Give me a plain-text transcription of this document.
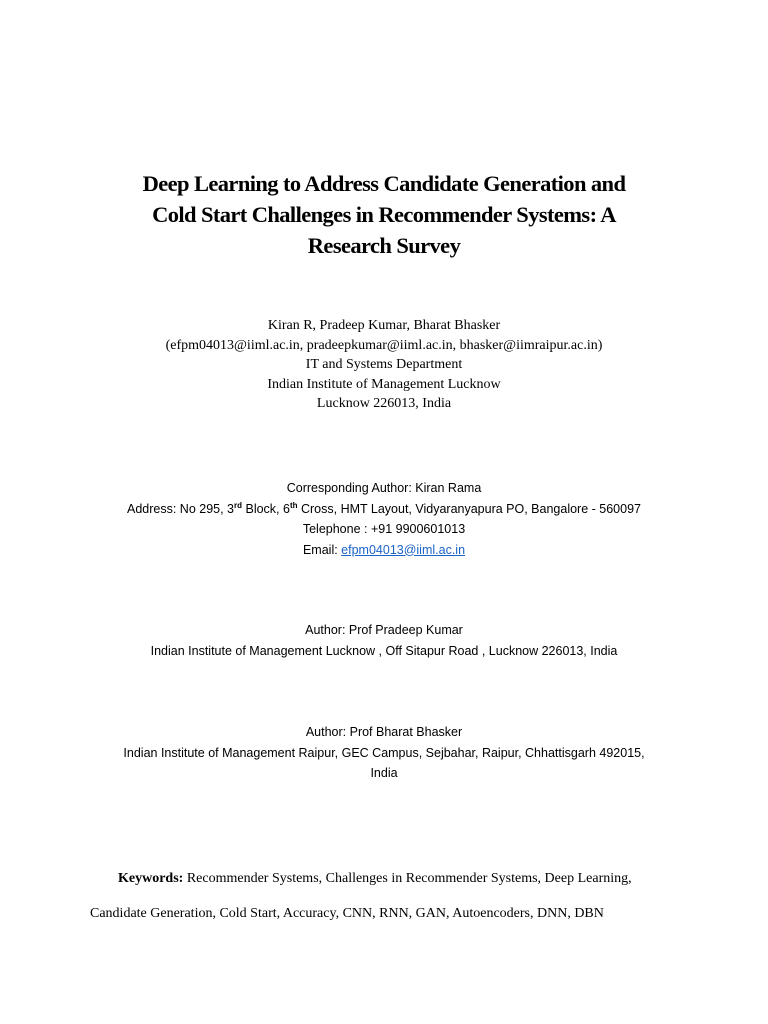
Deep Learning to Address Candidate Generation and
Cold Start Challenges in Recommender Systems: A
Research Survey
Kiran R, Pradeep Kumar, Bharat Bhasker
(efpm04013@iiml.ac.in, pradeepkumar@iiml.ac.in, bhasker@iimraipur.ac.in)
IT and Systems Department
Indian Institute of Management Lucknow
Lucknow 226013, India
Corresponding Author: Kiran Rama
Address: No 295, 3rd Block, 6th Cross, HMT Layout, Vidyaranyapura PO, Bangalore - 560097
Telephone : +91 9900601013
Email: efpm04013@iiml.ac.in
Author: Prof Pradeep Kumar
Indian Institute of Management Lucknow , Off Sitapur Road , Lucknow 226013, India
Author: Prof Bharat Bhasker
Indian Institute of Management Raipur, GEC Campus, Sejbahar, Raipur, Chhattisgarh 492015,
India
Keywords: Recommender Systems, Challenges in Recommender Systems, Deep Learning,
Candidate Generation, Cold Start, Accuracy, CNN, RNN, GAN, Autoencoders, DNN, DBN
